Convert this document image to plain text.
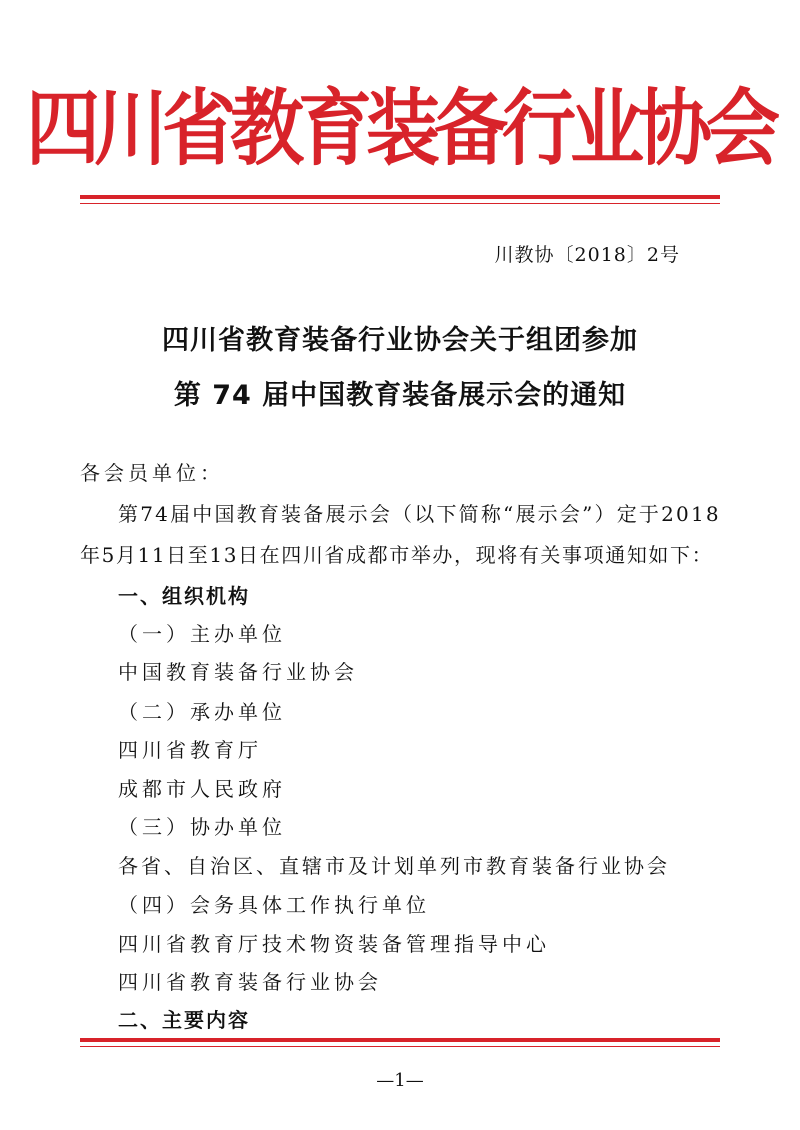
四川省教育装备行业协会
川教协〔2018〕2号
四川省教育装备行业协会关于组团参加
第 74 届中国教育装备展示会的通知
各会员单位：
第74届中国教育装备展示会（以下简称“展示会”）定于2018
年5月11日至13日在四川省成都市举办，现将有关事项通知如下：
一、组织机构
（一）主办单位
中国教育装备行业协会
（二）承办单位
四川省教育厅
成都市人民政府
（三）协办单位
各省、自治区、直辖市及计划单列市教育装备行业协会
（四）会务具体工作执行单位
四川省教育厅技术物资装备管理指导中心
四川省教育装备行业协会
二、主要内容
—1—
